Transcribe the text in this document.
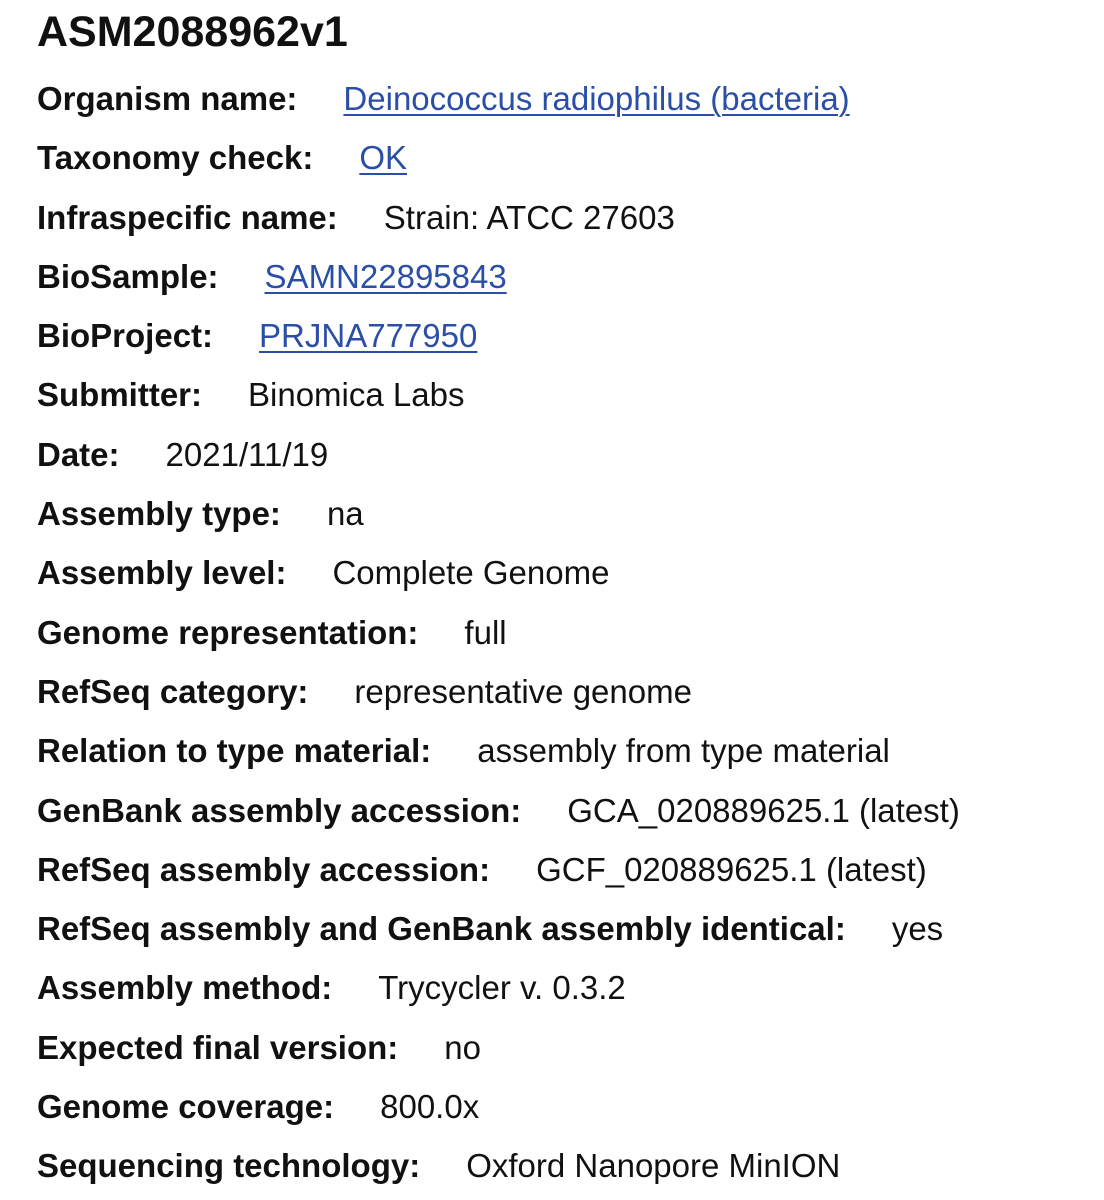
ASM2088962v1
Organism name: Deinococcus radiophilus (bacteria)
Taxonomy check: OK
Infraspecific name: Strain: ATCC 27603
BioSample: SAMN22895843
BioProject: PRJNA777950
Submitter: Binomica Labs
Date: 2021/11/19
Assembly type: na
Assembly level: Complete Genome
Genome representation: full
RefSeq category: representative genome
Relation to type material: assembly from type material
GenBank assembly accession: GCA_020889625.1 (latest)
RefSeq assembly accession: GCF_020889625.1 (latest)
RefSeq assembly and GenBank assembly identical: yes
Assembly method: Trycycler v. 0.3.2
Expected final version: no
Genome coverage: 800.0x
Sequencing technology: Oxford Nanopore MinION
